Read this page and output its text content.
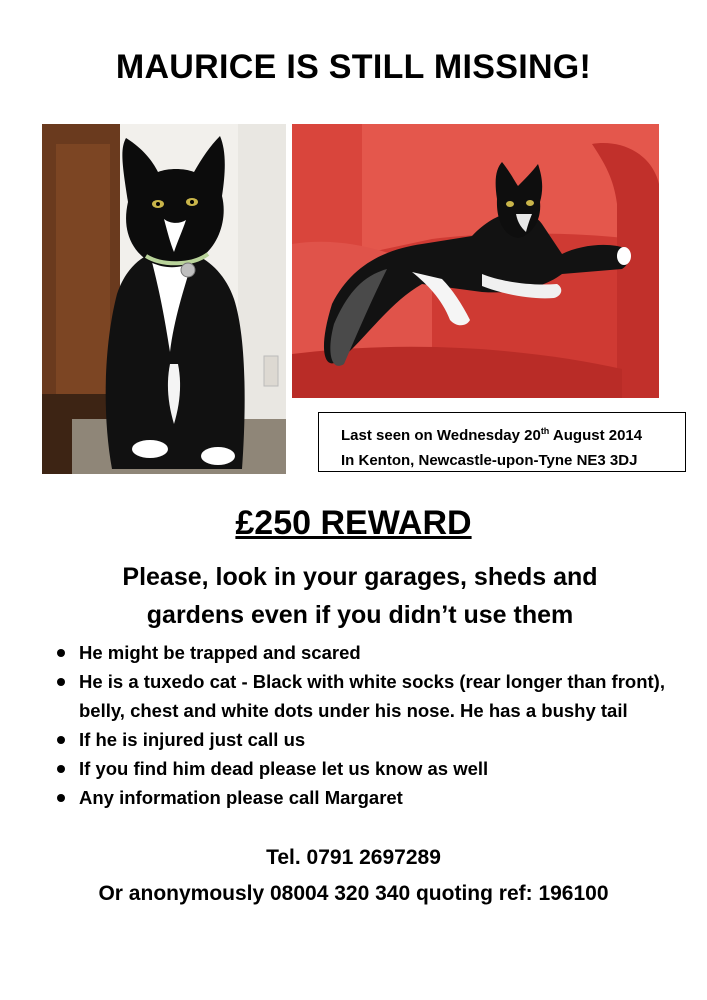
MAURICE IS STILL MISSING!
Last seen on Wednesday 20th August 2014
In Kenton, Newcastle-upon-Tyne NE3 3DJ
£250 REWARD
Please, look in your garages, sheds and
gardens even if you didn’t use them
He might be trapped and scared
He is a tuxedo cat - Black with white socks (rear longer than front), belly, chest and white dots under his nose. He has a bushy tail
If he is injured just call us
If you find him dead please let us know as well
Any information please call Margaret
Tel. 0791 2697289
Or anonymously 08004 320 340 quoting ref: 196100
